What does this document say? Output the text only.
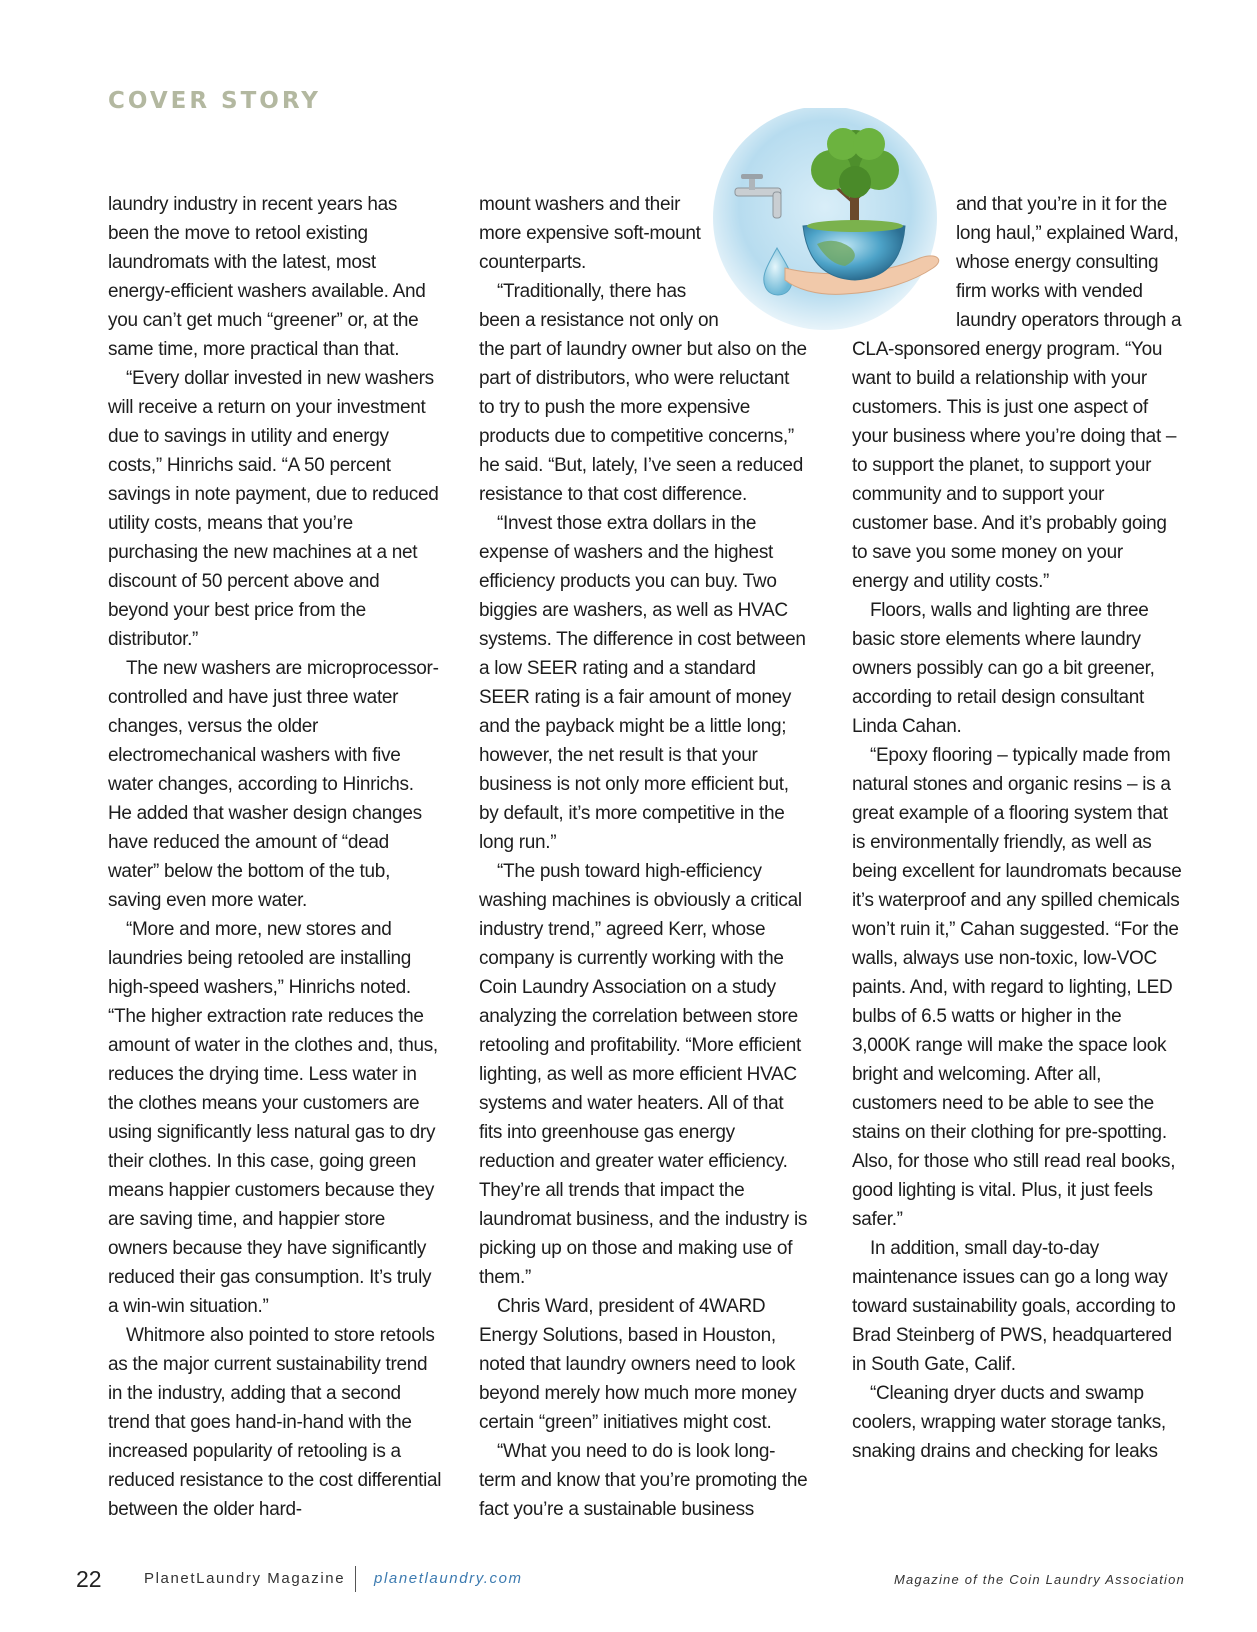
COVER STORY

laundry industry in recent years has been the move to retool existing laundromats with the latest, most energy-efficient washers available. And you can’t get much “greener” or, at the same time, more practical than that.

“Every dollar invested in new washers will receive a return on your investment due to savings in utility and energy costs,” Hinrichs said. “A 50 percent savings in note payment, due to reduced utility costs, means that you’re purchasing the new machines at a net discount of 50 percent above and beyond your best price from the distributor.”

The new washers are microprocessor- controlled and have just three water changes, versus the older electromechanical washers with five water changes, according to Hinrichs. He added that washer design changes have reduced the amount of “dead water” below the bottom of the tub, saving even more water.

“More and more, new stores and laundries being retooled are installing high-speed washers,” Hinrichs noted. “The higher extraction rate reduces the amount of water in the clothes and, thus, reduces the drying time. Less water in the clothes means your customers are using significantly less natural gas to dry their clothes. In this case, going green means happier customers because they are saving time, and happier store owners because they have significantly reduced their gas consumption. It’s truly a win-win situation.”

Whitmore also pointed to store retools as the major current sustainability trend in the industry, adding that a second trend that goes hand-in-hand with the increased popularity of retooling is a reduced resistance to the cost differential between the older hard-

mount washers and their more expensive soft-mount counterparts.

“Traditionally, there has been a resistance not only on the part of laundry owner but also on the part of distributors, who were reluctant to try to push the more expensive products due to competitive concerns,” he said. “But, lately, I’ve seen a reduced resistance to that cost difference.

“Invest those extra dollars in the expense of washers and the highest efficiency products you can buy. Two biggies are washers, as well as HVAC systems. The difference in cost between a low SEER rating and a standard SEER rating is a fair amount of money and the payback might be a little long; however, the net result is that your business is not only more efficient but, by default, it’s more competitive in the long run.”

“The push toward high-efficiency washing machines is obviously a critical industry trend,” agreed Kerr, whose company is currently working with the Coin Laundry Association on a study analyzing the correlation between store retooling and profitability. “More efficient lighting, as well as more efficient HVAC systems and water heaters. All of that fits into greenhouse gas energy reduction and greater water efficiency. They’re all trends that impact the laundromat business, and the industry is picking up on those and making use of them.”

Chris Ward, president of 4WARD Energy Solutions, based in Houston, noted that laundry owners need to look beyond merely how much more money certain “green” initiatives might cost.

“What you need to do is look long-term and know that you’re promoting the fact you’re a sustainable business

and that you’re in it for the long haul,” explained Ward, whose energy consulting firm works with vended laundry operators through a CLA-sponsored energy program. “You want to build a relationship with your customers. This is just one aspect of your business where you’re doing that – to support the planet, to support your community and to support your customer base. And it’s probably going to save you some money on your energy and utility costs.”

Floors, walls and lighting are three basic store elements where laundry owners possibly can go a bit greener, according to retail design consultant Linda Cahan.

“Epoxy flooring – typically made from natural stones and organic resins – is a great example of a flooring system that is environmentally friendly, as well as being excellent for laundromats because it’s waterproof and any spilled chemicals won’t ruin it,” Cahan suggested. “For the walls, always use non-toxic, low-VOC paints. And, with regard to lighting, LED bulbs of 6.5 watts or higher in the 3,000K range will make the space look bright and welcoming. After all, customers need to be able to see the stains on their clothing for pre-spotting. Also, for those who still read real books, good lighting is vital. Plus, it just feels safer.”

In addition, small day-to-day maintenance issues can go a long way toward sustainability goals, according to Brad Steinberg of PWS, headquartered in South Gate, Calif.

“Cleaning dryer ducts and swamp coolers, wrapping water storage tanks, snaking drains and checking for leaks

22	PlanetLaundry Magazine planetlaundry.com	Magazine of the Coin Laundry Association
